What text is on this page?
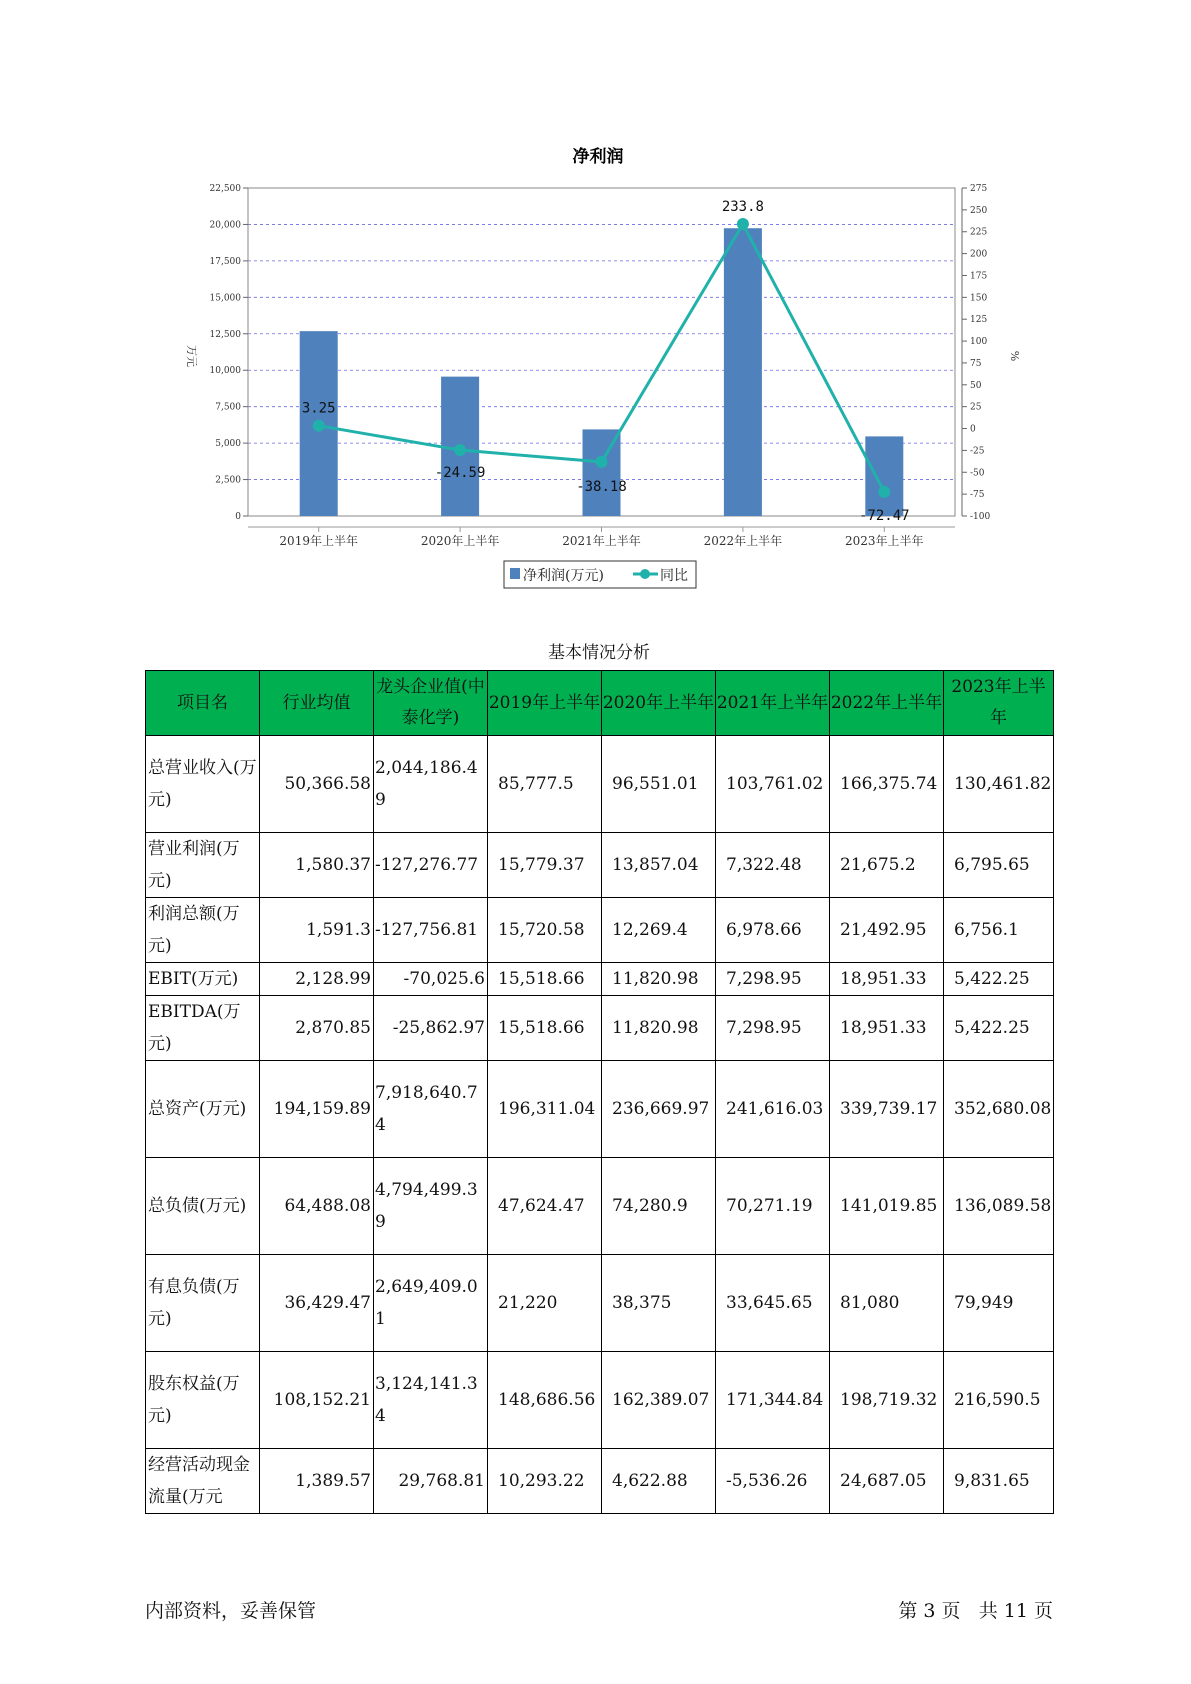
净利润
0
2,500
5,000
7,500
10,000
12,500
15,000
17,500
20,000
22,500
-100
-75
-50
-25
0
25
50
75
100
125
150
175
200
225
250
275
3.25
-24.59
-38.18
233.8
-72.47
2019年上半年	2020年上半年	2021年上半年	2022年上半年	2023年上半年
万元	%
净利润(万元)	同比
基本情况分析
项目名	行业均值	龙头企业值(中泰化学)	2019年上半年	2020年上半年	2021年上半年	2022年上半年	2023年上半年
总营业收入(万元)	50,366.58	2,044,186.49	85,777.5	96,551.01	103,761.02	166,375.74	130,461.82
营业利润(万元)	1,580.37	-127,276.77	15,779.37	13,857.04	7,322.48	21,675.2	6,795.65
利润总额(万元)	1,591.3	-127,756.81	15,720.58	12,269.4	6,978.66	21,492.95	6,756.1
EBIT(万元)	2,128.99	-70,025.6	15,518.66	11,820.98	7,298.95	18,951.33	5,422.25
EBITDA(万元)	2,870.85	-25,862.97	15,518.66	11,820.98	7,298.95	18,951.33	5,422.25
总资产(万元)	194,159.89	7,918,640.74	196,311.04	236,669.97	241,616.03	339,739.17	352,680.08
总负债(万元)	64,488.08	4,794,499.39	47,624.47	74,280.9	70,271.19	141,019.85	136,089.58
有息负债(万元)	36,429.47	2,649,409.01	21,220	38,375	33,645.65	81,080	79,949
股东权益(万元)	108,152.21	3,124,141.34	148,686.56	162,389.07	171,344.84	198,719.32	216,590.5
经营活动现金流量(万元	1,389.57	29,768.81	10,293.22	4,622.88	-5,536.26	24,687.05	9,831.65
内部资料，妥善保管	第 3 页 共 11 页
